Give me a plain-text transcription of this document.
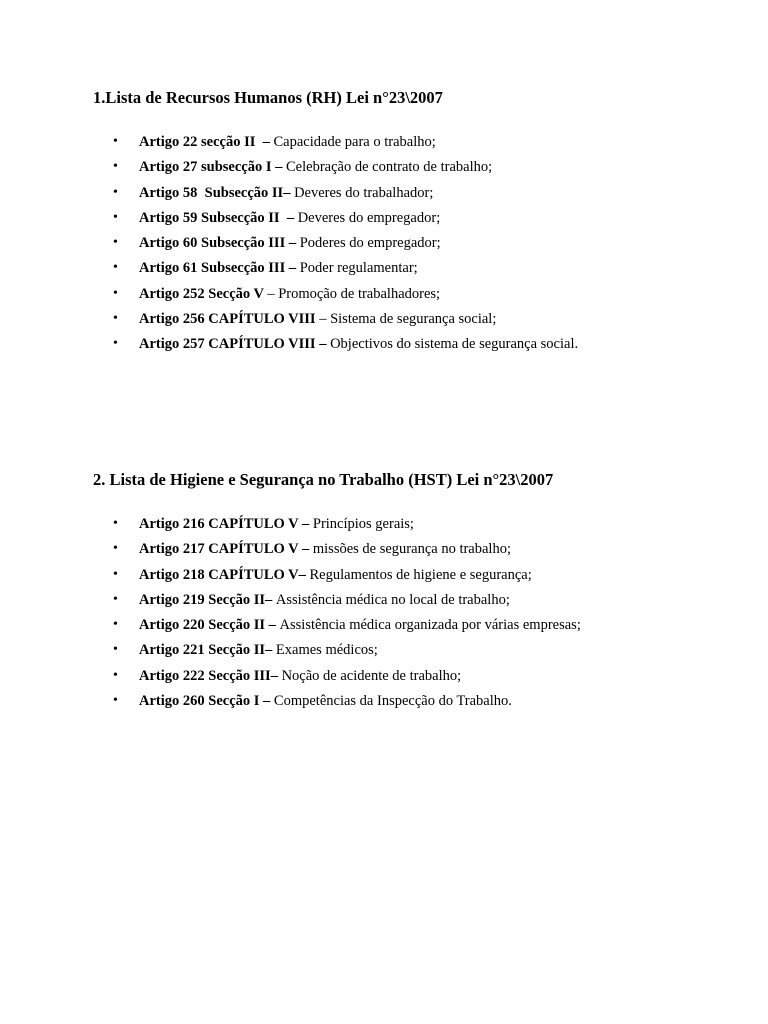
1.Lista de Recursos Humanos (RH) Lei n°23\2007
•	Artigo 22 secção II  – Capacidade para o trabalho;
•	Artigo 27 subsecção I – Celebração de contrato de trabalho;
•	Artigo 58  Subsecção II– Deveres do trabalhador;
•	Artigo 59 Subsecção II  – Deveres do empregador;
•	Artigo 60 Subsecção III – Poderes do empregador;
•	Artigo 61 Subsecção III – Poder regulamentar;
•	Artigo 252 Secção V – Promoção de trabalhadores;
•	Artigo 256 CAPÍTULO VIII – Sistema de segurança social;
•	Artigo 257 CAPÍTULO VIII – Objectivos do sistema de segurança social.
2. Lista de Higiene e Segurança no Trabalho (HST) Lei n°23\2007
•	Artigo 216 CAPÍTULO V – Princípios gerais;
•	Artigo 217 CAPÍTULO V – missões de segurança no trabalho;
•	Artigo 218 CAPÍTULO V– Regulamentos de higiene e segurança;
•	Artigo 219 Secção II– Assistência médica no local de trabalho;
•	Artigo 220 Secção II – Assistência médica organizada por várias empresas;
•	Artigo 221 Secção II– Exames médicos;
•	Artigo 222 Secção III– Noção de acidente de trabalho;
•	Artigo 260 Secção I – Competências da Inspecção do Trabalho.
